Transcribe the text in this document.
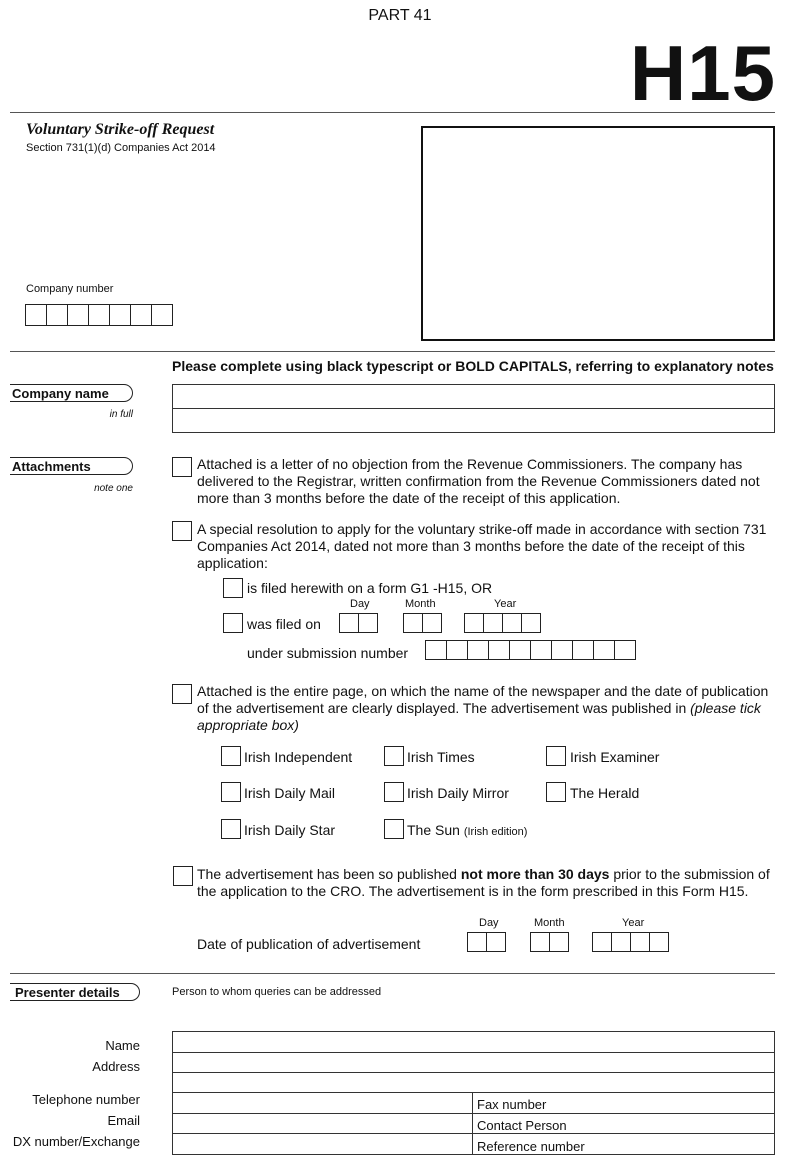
PART 41
H15
Voluntary Strike-off Request
Section 731(1)(d) Companies Act 2014
Company number
Please complete using black typescript or BOLD CAPITALS, referring to explanatory notes
Company name
in full
Attachments
note one
Attached is a letter of no objection from the Revenue Commissioners. The company has delivered to the Registrar, written confirmation from the Revenue Commissioners dated not more than 3 months before the date of the receipt of this application.
A special resolution to apply for the voluntary strike-off made in accordance with section 731 Companies Act 2014, dated not more than 3 months before the date of the receipt of this application:
is filed herewith on a form G1 -H15, OR
Day	Month	Year
was filed on
under submission number
Attached is the entire page, on which the name of the newspaper and the date of publication of the advertisement are clearly displayed. The advertisement was published in (please tick appropriate box)
Irish Independent	Irish Times	Irish Examiner
Irish Daily Mail	Irish Daily Mirror	The Herald
Irish Daily Star	The Sun (Irish edition)
The advertisement has been so published not more than 30 days prior to the submission of the application to the CRO. The advertisement is in the form prescribed in this Form H15.
Day	Month	Year
Date of publication of advertisement
Presenter details	Person to whom queries can be addressed
Name
Address
Telephone number
Email
DX number/Exchange
Fax number
Contact Person
Reference number
